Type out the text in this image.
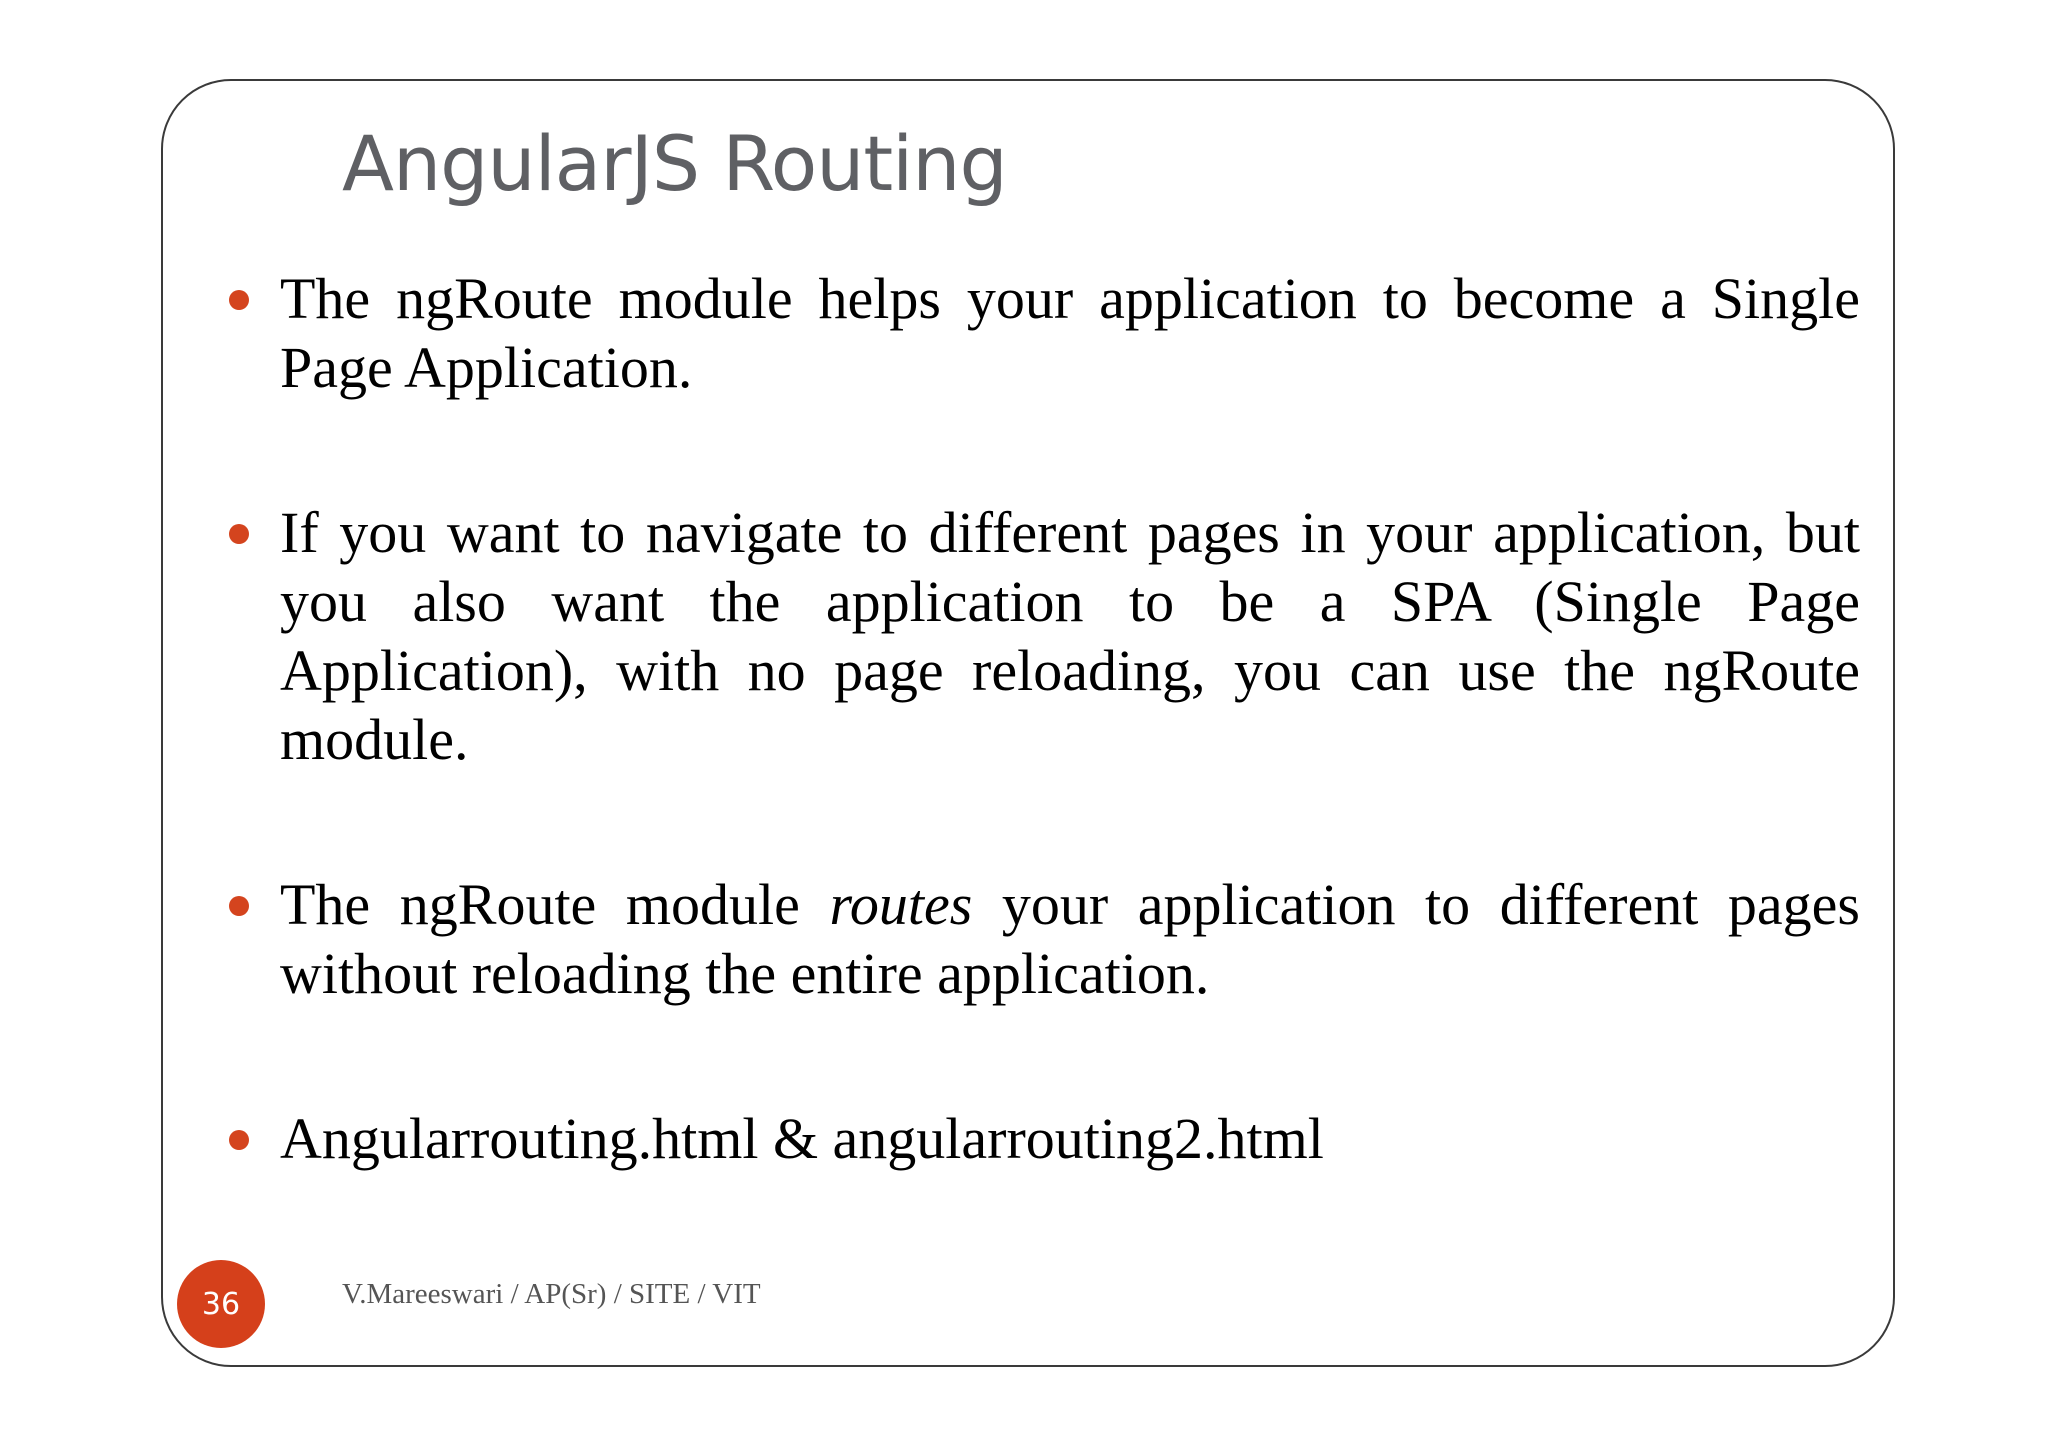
AngularJS Routing
The ngRoute module helps your application to become a Single Page Application.
If you want to navigate to different pages in your application, but you also want the application to be a SPA (Single Page Application), with no page reloading, you can use the ngRoute module.
The ngRoute module routes your application to different pages without reloading the entire application.
Angularrouting.html & angularrouting2.html
36	V.Mareeswari / AP(Sr) / SITE / VIT
